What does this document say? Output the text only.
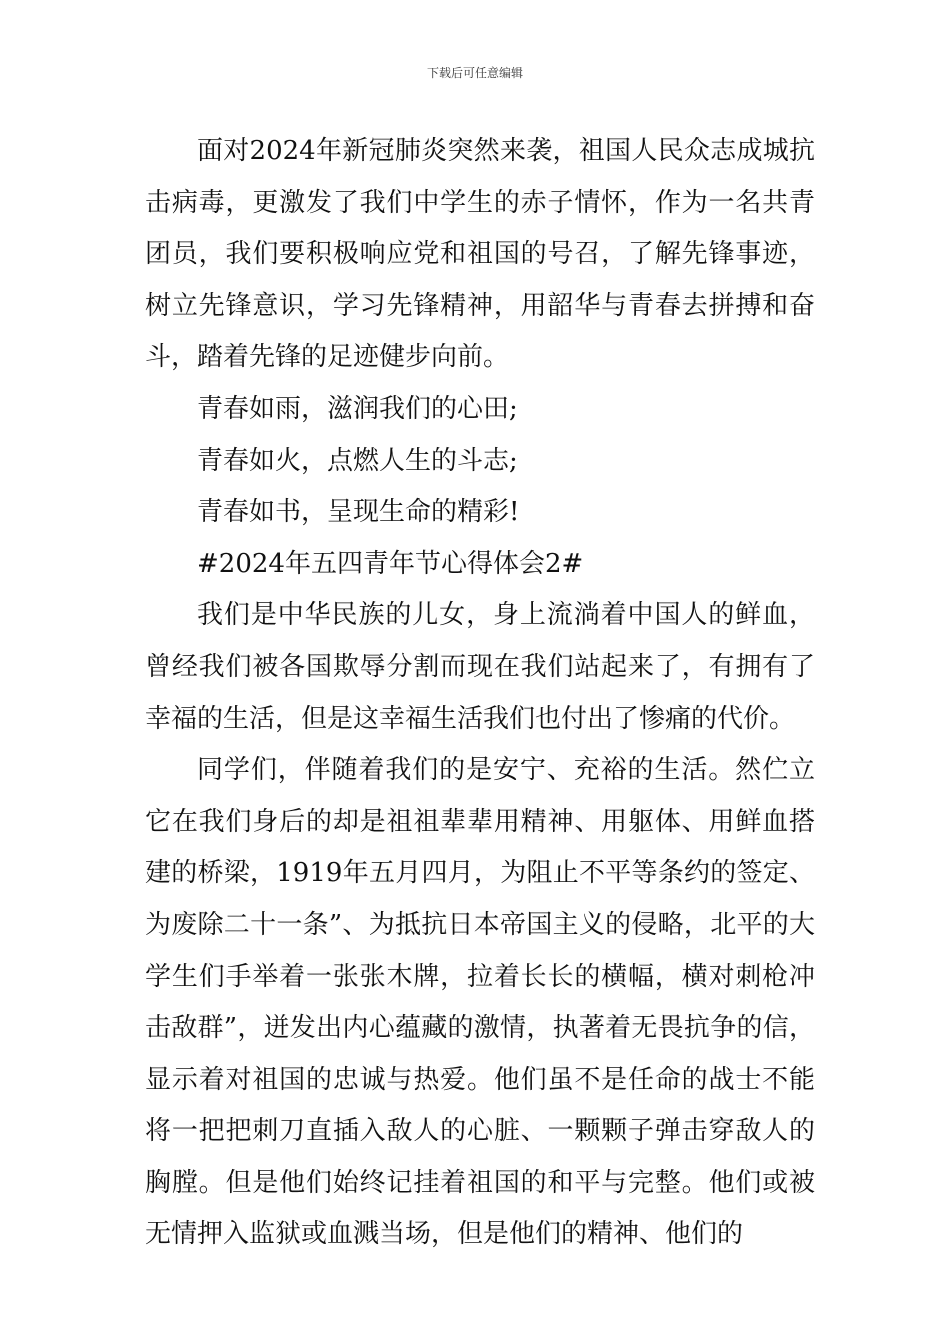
下载后可任意编辑

面对2024年新冠肺炎突然来袭，祖国人民众志成城抗击病毒，更激发了我们中学生的赤子情怀，作为一名共青团员，我们要积极响应党和祖国的号召，了解先锋事迹，树立先锋意识，学习先锋精神，用韶华与青春去拼搏和奋斗，踏着先锋的足迹健步向前。

青春如雨，滋润我们的心田;

青春如火，点燃人生的斗志;

青春如书，呈现生命的精彩!

#2024年五四青年节心得体会2#

我们是中华民族的儿女，身上流淌着中国人的鲜血，曾经我们被各国欺辱分割而现在我们站起来了，有拥有了幸福的生活，但是这幸福生活我们也付出了惨痛的代价。

同学们，伴随着我们的是安宁、充裕的生活。然伫立它在我们身后的却是祖祖辈辈用精神、用躯体、用鲜血搭建的桥梁，1919年五月四月，为阻止不平等条约的签定、为废除二十一条”、为抵抗日本帝国主义的侵略，北平的大学生们手举着一张张木牌，拉着长长的横幅，横对刺枪冲击敌群”，迸发出内心蕴藏的激情，执著着无畏抗争的信，显示着对祖国的忠诚与热爱。他们虽不是任命的战士不能将一把把刺刀直插入敌人的心脏、一颗颗子弹击穿敌人的胸膛。但是他们始终记挂着祖国的和平与完整。他们或被无情押入监狱或血溅当场，但是他们的精神、他们的
